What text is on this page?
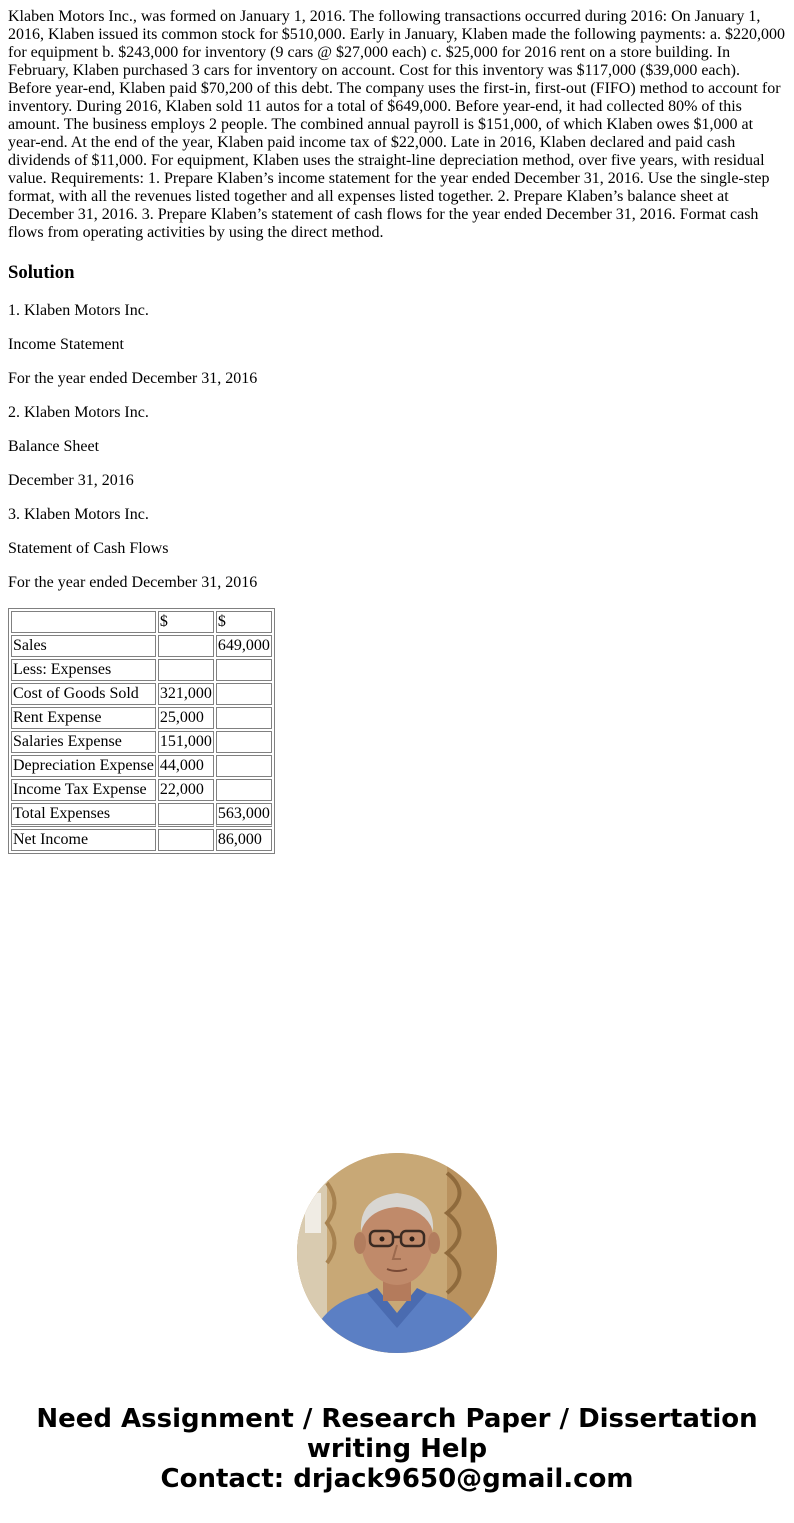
Klaben Motors Inc., was formed on January 1, 2016. The following transactions occurred during 2016: On January 1, 2016, Klaben issued its common stock for $510,000. Early in January, Klaben made the following payments: a. $220,000 for equipment b. $243,000 for inventory (9 cars @ $27,000 each) c. $25,000 for 2016 rent on a store building. In February, Klaben purchased 3 cars for inventory on account. Cost for this inventory was $117,000 ($39,000 each). Before year-end, Klaben paid $70,200 of this debt. The company uses the first-in, first-out (FIFO) method to account for inventory. During 2016, Klaben sold 11 autos for a total of $649,000. Before year-end, it had collected 80% of this amount. The business employs 2 people. The combined annual payroll is $151,000, of which Klaben owes $1,000 at year-end. At the end of the year, Klaben paid income tax of $22,000. Late in 2016, Klaben declared and paid cash dividends of $11,000. For equipment, Klaben uses the straight-line depreciation method, over five years, with residual value. Requirements: 1. Prepare Klaben’s income statement for the year ended December 31, 2016. Use the single-step format, with all the revenues listed together and all expenses listed together. 2. Prepare Klaben’s balance sheet at December 31, 2016. 3. Prepare Klaben’s statement of cash flows for the year ended December 31, 2016. Format cash flows from operating activities by using the direct method.

Solution

1. Klaben Motors Inc.

Income Statement

For the year ended December 31, 2016

2. Klaben Motors Inc.

Balance Sheet

December 31, 2016

3. Klaben Motors Inc.

Statement of Cash Flows

For the year ended December 31, 2016

	$	$
Sales		649,000
Less: Expenses		
Cost of Goods Sold	321,000	
Rent Expense	25,000	
Salaries Expense	151,000	
Depreciation Expense	44,000	
Income Tax Expense	22,000	
Total Expenses		563,000
Net Income		86,000
Need Assignment / Research Paper / Dissertation
writing Help
Contact: drjack9650@gmail.com
